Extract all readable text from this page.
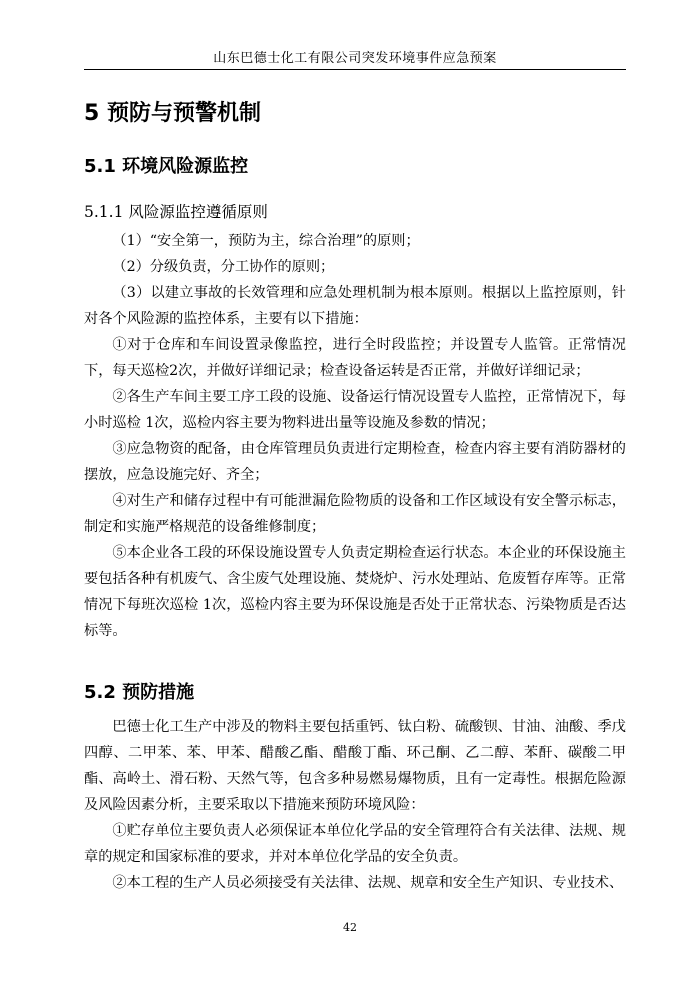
山东巴德士化工有限公司突发环境事件应急预案
5 预防与预警机制
5.1 环境风险源监控
5.1.1 风险源监控遵循原则

（1）“安全第一，预防为主，综合治理”的原则；

（2）分级负责，分工协作的原则；

（3）以建立事故的长效管理和应急处理机制为根本原则。根据以上监控原则，针对各个风险源的监控体系，主要有以下措施：

①对于仓库和车间设置录像监控，进行全时段监控；并设置专人监管。正常情况下，每天巡检2次，并做好详细记录；检查设备运转是否正常，并做好详细记录；

②各生产车间主要工序工段的设施、设备运行情况设置专人监控，正常情况下，每小时巡检 1次，巡检内容主要为物料进出量等设施及参数的情况；

③应急物资的配备，由仓库管理员负责进行定期检查，检查内容主要有消防器材的摆放，应急设施完好、齐全；

④对生产和储存过程中有可能泄漏危险物质的设备和工作区域设有安全警示标志，制定和实施严格规范的设备维修制度；

⑤本企业各工段的环保设施设置专人负责定期检查运行状态。本企业的环保设施主要包括各种有机废气、含尘废气处理设施、焚烧炉、污水处理站、危废暂存库等。正常情况下每班次巡检 1次，巡检内容主要为环保设施是否处于正常状态、污染物质是否达标等。

5.2 预防措施

巴德士化工生产中涉及的物料主要包括重钙、钛白粉、硫酸钡、甘油、油酸、季戊四醇、二甲苯、苯、甲苯、醋酸乙酯、醋酸丁酯、环己酮、乙二醇、苯酐、碳酸二甲酯、高岭土、滑石粉、天然气等，包含多种易燃易爆物质，且有一定毒性。根据危险源及风险因素分析，主要采取以下措施来预防环境风险：

①贮存单位主要负责人必须保证本单位化学品的安全管理符合有关法律、法规、规章的规定和国家标准的要求，并对本单位化学品的安全负责。

②本工程的生产人员必须接受有关法律、法规、规章和安全生产知识、专业技术、

42
